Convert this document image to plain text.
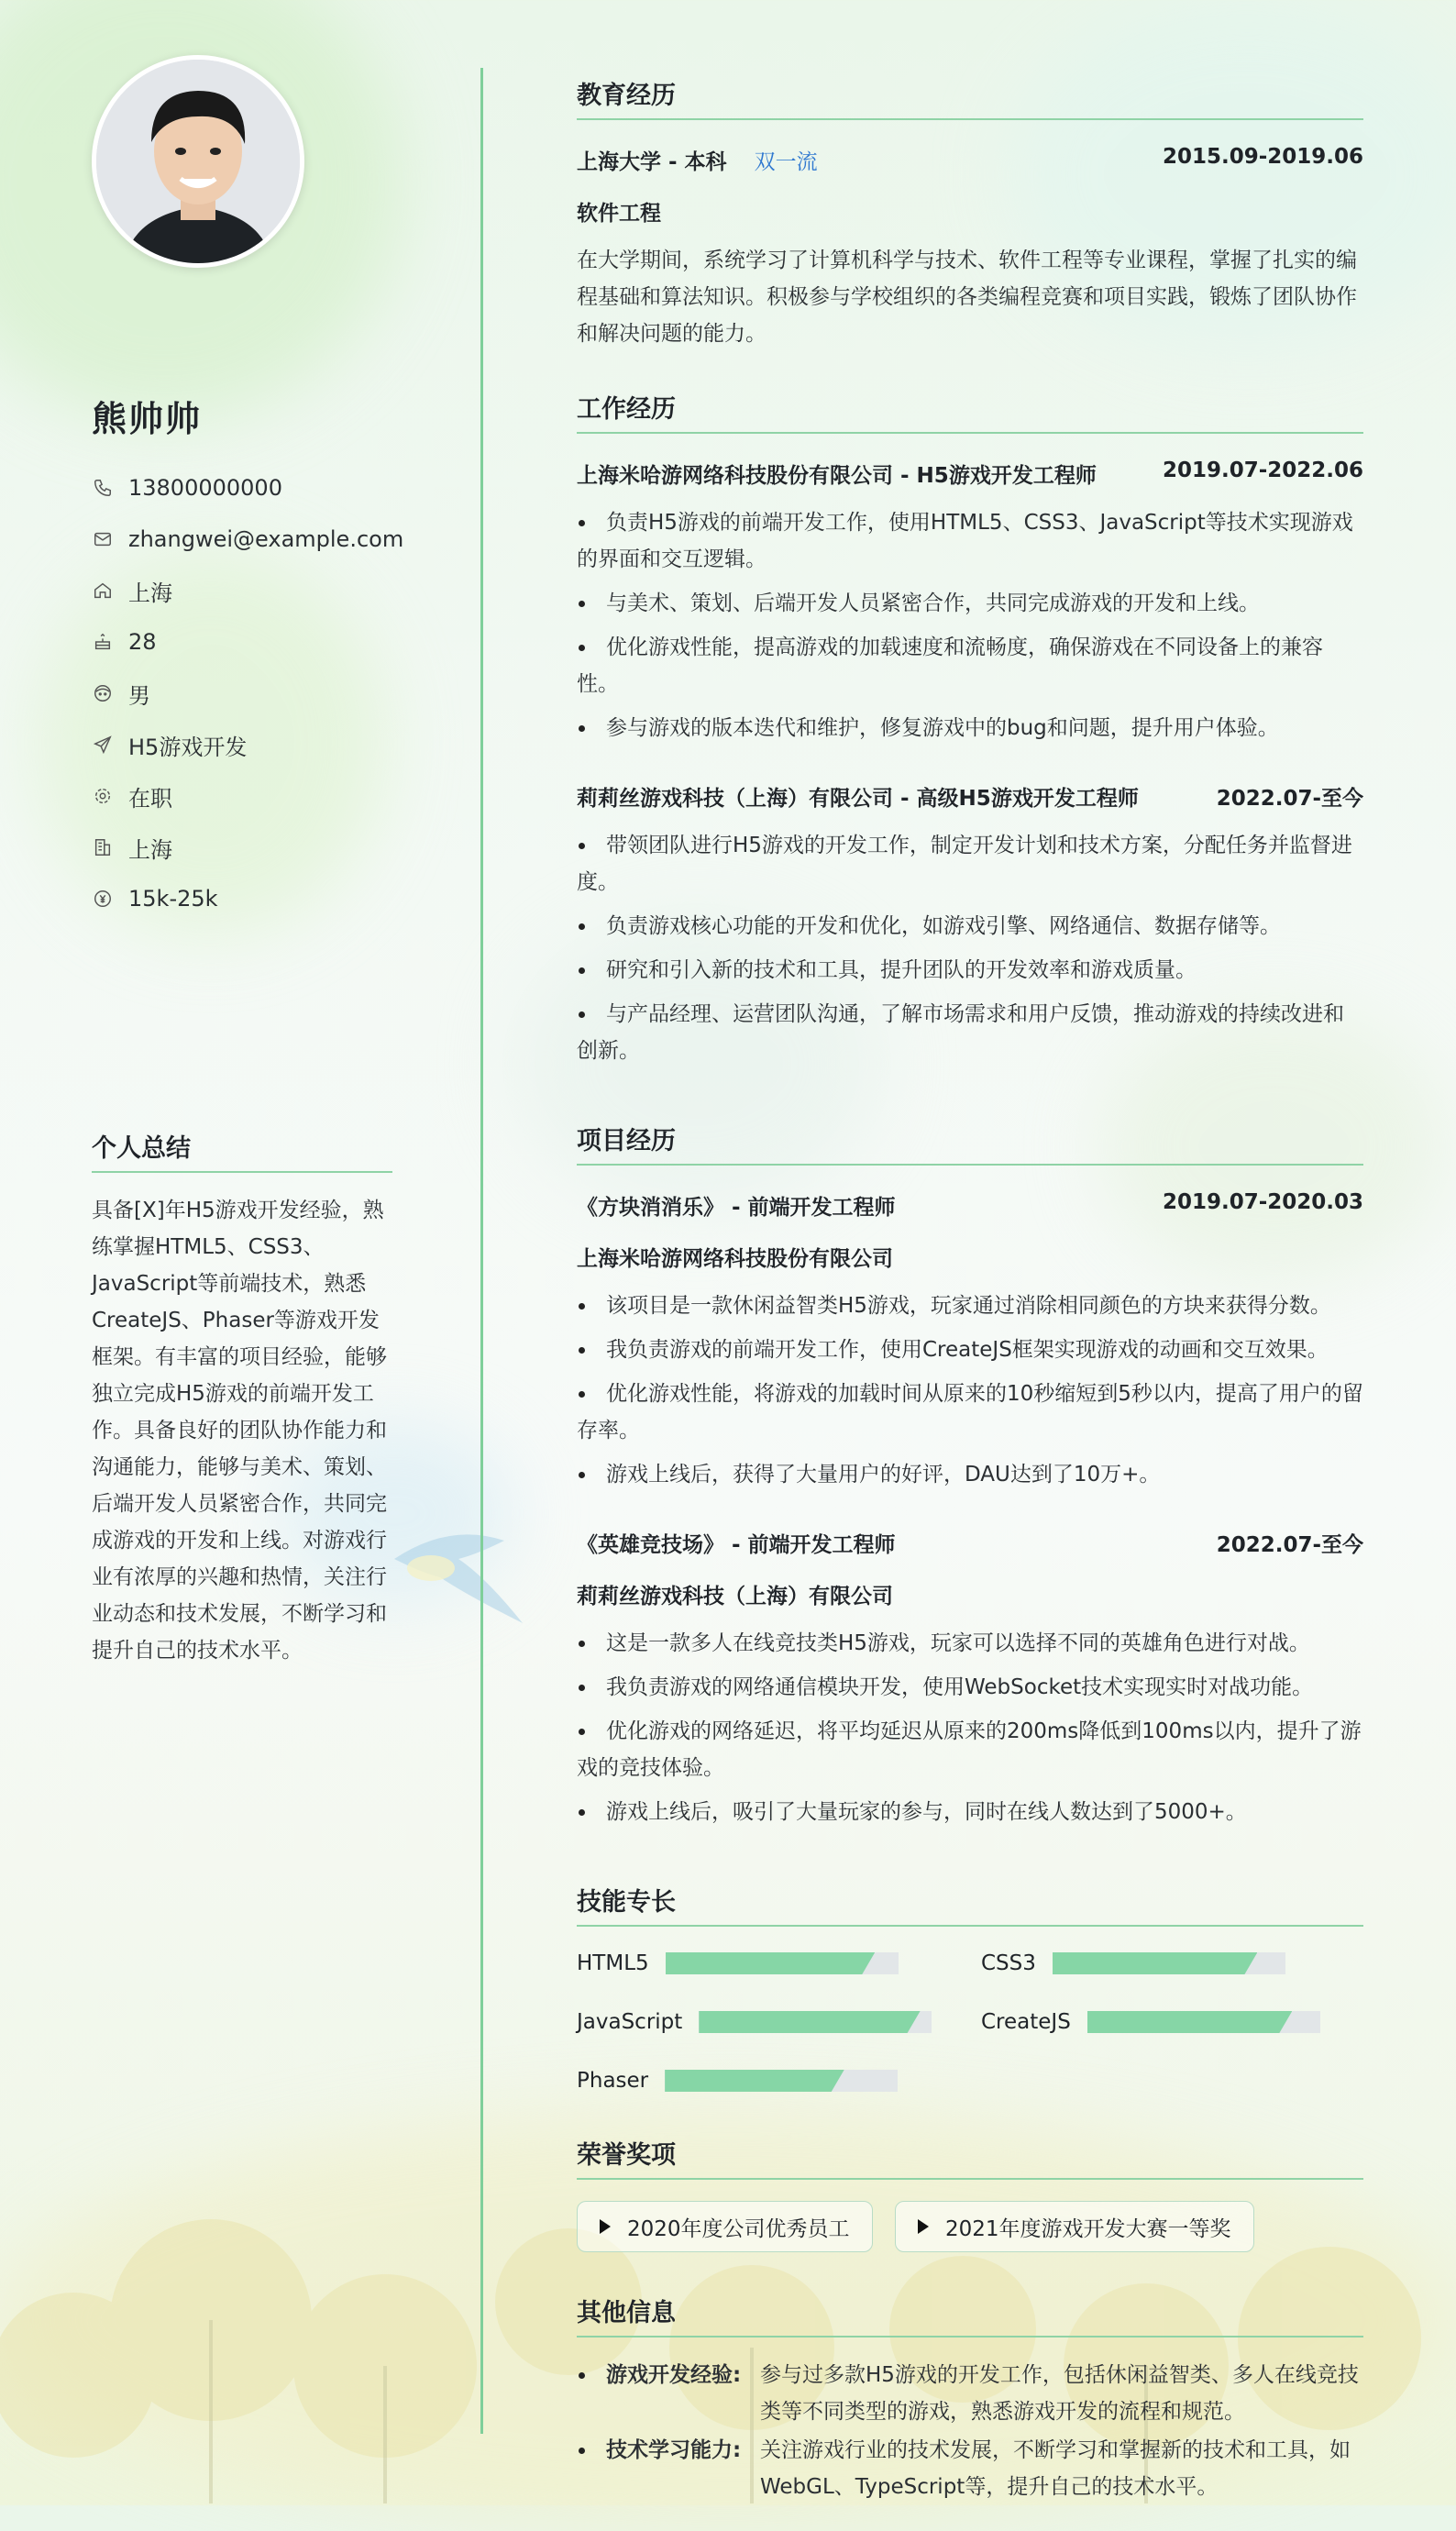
熊帅帅
13800000000
zhangwei@example.com
上海
28
男
H5游戏开发
在职
上海
15k-25k
个人总结
具备[X]年H5游戏开发经验，熟练掌握HTML5、CSS3、JavaScript等前端技术，熟悉CreateJS、Phaser等游戏开发框架。有丰富的项目经验，能够独立完成H5游戏的前端开发工作。具备良好的团队协作能力和沟通能力，能够与美术、策划、后端开发人员紧密合作，共同完成游戏的开发和上线。对游戏行业有浓厚的兴趣和热情，关注行业动态和技术发展，不断学习和提升自己的技术水平。
教育经历
上海大学 - 本科 双一流	2015.09-2019.06
软件工程
在大学期间，系统学习了计算机科学与技术、软件工程等专业课程，掌握了扎实的编程基础和算法知识。积极参与学校组织的各类编程竞赛和项目实践，锻炼了团队协作和解决问题的能力。
工作经历
上海米哈游网络科技股份有限公司 - H5游戏开发工程师	2019.07-2022.06
负责H5游戏的前端开发工作，使用HTML5、CSS3、JavaScript等技术实现游戏的界面和交互逻辑。
与美术、策划、后端开发人员紧密合作，共同完成游戏的开发和上线。
优化游戏性能，提高游戏的加载速度和流畅度，确保游戏在不同设备上的兼容性。
参与游戏的版本迭代和维护，修复游戏中的bug和问题，提升用户体验。
莉莉丝游戏科技（上海）有限公司 - 高级H5游戏开发工程师	2022.07-至今
带领团队进行H5游戏的开发工作，制定开发计划和技术方案，分配任务并监督进度。
负责游戏核心功能的开发和优化，如游戏引擎、网络通信、数据存储等。
研究和引入新的技术和工具，提升团队的开发效率和游戏质量。
与产品经理、运营团队沟通，了解市场需求和用户反馈，推动游戏的持续改进和创新。
项目经历
《方块消消乐》 - 前端开发工程师	2019.07-2020.03
上海米哈游网络科技股份有限公司
该项目是一款休闲益智类H5游戏，玩家通过消除相同颜色的方块来获得分数。
我负责游戏的前端开发工作，使用CreateJS框架实现游戏的动画和交互效果。
优化游戏性能，将游戏的加载时间从原来的10秒缩短到5秒以内，提高了用户的留存率。
游戏上线后，获得了大量用户的好评，DAU达到了10万+。
《英雄竞技场》 - 前端开发工程师	2022.07-至今
莉莉丝游戏科技（上海）有限公司
这是一款多人在线竞技类H5游戏，玩家可以选择不同的英雄角色进行对战。
我负责游戏的网络通信模块开发，使用WebSocket技术实现实时对战功能。
优化游戏的网络延迟，将平均延迟从原来的200ms降低到100ms以内，提升了游戏的竞技体验。
游戏上线后，吸引了大量玩家的参与，同时在线人数达到了5000+。
技能专长
HTML5	CSS3
JavaScript	CreateJS
Phaser
荣誉奖项
2020年度公司优秀员工	2021年度游戏开发大赛一等奖
其他信息
游戏开发经验: 参与过多款H5游戏的开发工作，包括休闲益智类、多人在线竞技类等不同类型的游戏，熟悉游戏开发的流程和规范。
技术学习能力: 关注游戏行业的技术发展，不断学习和掌握新的技术和工具，如WebGL、TypeScript等，提升自己的技术水平。
